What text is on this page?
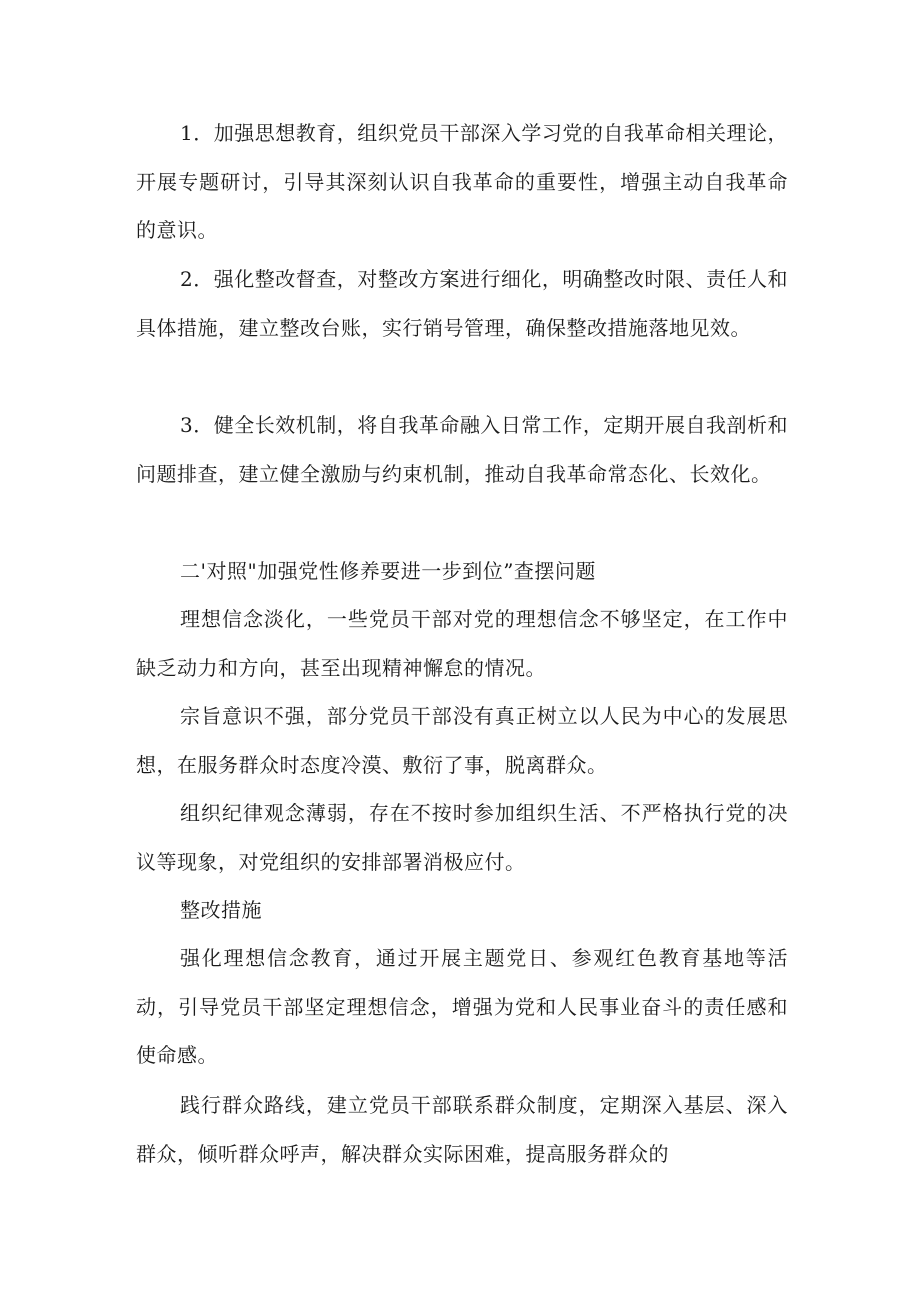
1．加强思想教育，组织党员干部深入学习党的自我革命相关理论，开展专题研讨，引导其深刻认识自我革命的重要性，增强主动自我革命的意识。

2．强化整改督查，对整改方案进行细化，明确整改时限、责任人和具体措施，建立整改台账，实行销号管理，确保整改措施落地见效。

3．健全长效机制，将自我革命融入日常工作，定期开展自我剖析和问题排查，建立健全激励与约束机制，推动自我革命常态化、长效化。

二'对照"加强党性修养要进一步到位”查摆问题

理想信念淡化，一些党员干部对党的理想信念不够坚定，在工作中缺乏动力和方向，甚至出现精神懈怠的情况。

宗旨意识不强，部分党员干部没有真正树立以人民为中心的发展思想，在服务群众时态度冷漠、敷衍了事，脱离群众。

组织纪律观念薄弱，存在不按时参加组织生活、不严格执行党的决议等现象，对党组织的安排部署消极应付。

整改措施

强化理想信念教育，通过开展主题党日、参观红色教育基地等活动，引导党员干部坚定理想信念，增强为党和人民事业奋斗的责任感和使命感。

践行群众路线，建立党员干部联系群众制度，定期深入基层、深入群众，倾听群众呼声，解决群众实际困难，提高服务群众的
